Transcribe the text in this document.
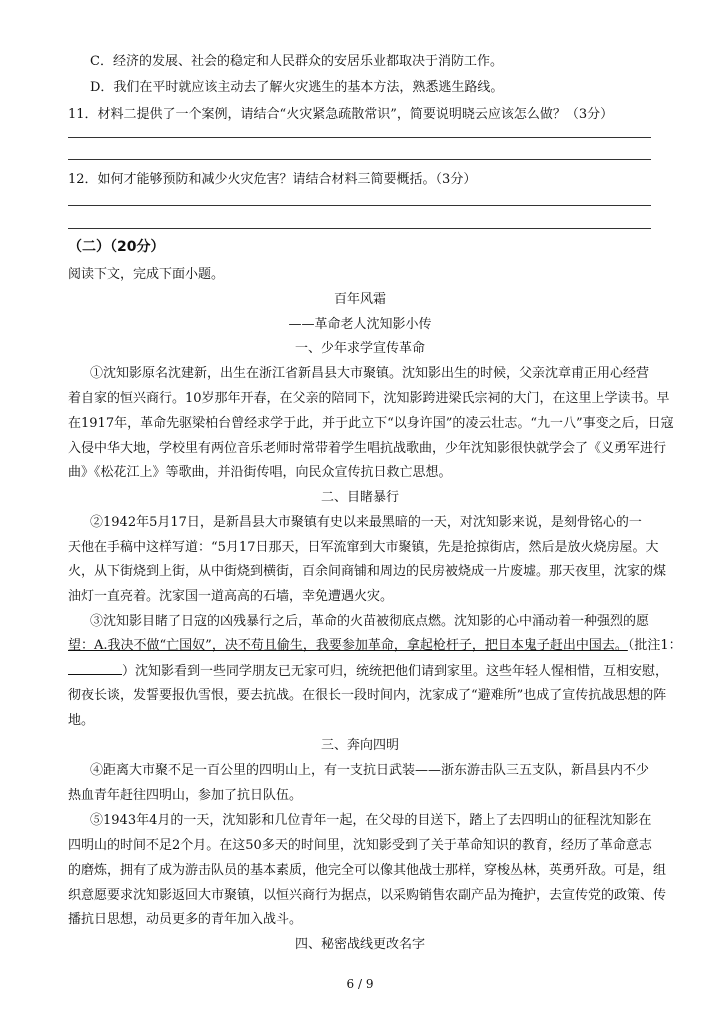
C．经济的发展、社会的稳定和人民群众的安居乐业都取决于消防工作。
D．我们在平时就应该主动去了解火灾逃生的基本方法，熟悉逃生路线。
11．材料二提供了一个案例，请结合“火灾紧急疏散常识”，简要说明晓云应该怎么做？（3分）
12．如何才能够预防和减少火灾危害？请结合材料三简要概括。（3分）
（二）（20分）
阅读下文，完成下面小题。
百年风霜
——革命老人沈知影小传
一、少年求学宣传革命
①沈知影原名沈建新，出生在浙江省新昌县大市聚镇。沈知影出生的时候，父亲沈章甫正用心经营
着自家的恒兴商行。10岁那年开春，在父亲的陪同下，沈知影跨进梁氏宗祠的大门，在这里上学读书。早
在1917年，革命先驱梁柏台曾经求学于此，并于此立下“以身许国”的凌云壮志。“九一八”事变之后，日寇
入侵中华大地，学校里有两位音乐老师时常带着学生唱抗战歌曲，少年沈知影很快就学会了《义勇军进行
曲》《松花江上》等歌曲，并沿街传唱，向民众宣传抗日救亡思想。
二、目睹暴行
②1942年5月17日，是新昌县大市聚镇有史以来最黑暗的一天，对沈知影来说，是刻骨铭心的一
天他在手稿中这样写道：“5月17日那天，日军流窜到大市聚镇，先是抢掠街店，然后是放火烧房屋。大
火，从下街烧到上街，从中街烧到横街，百余间商铺和周边的民房被烧成一片废墟。那天夜里，沈家的煤
油灯一直亮着。沈家国一道高高的石墙，幸免遭遇火灾。
③沈知影目睹了日寇的凶残暴行之后，革命的火苗被彻底点燃。沈知影的心中涌动着一种强烈的愿
望：A.我决不做“亡国奴”，决不苟且偷生，我要参加革命，拿起枪杆子，把日本鬼子赶出中国去。（批注1：
）沈知影看到一些同学朋友已无家可归，统统把他们请到家里。这些年轻人惺相惜，互相安慰，
彻夜长谈，发誓要报仇雪恨，要去抗战。在很长一段时间内，沈家成了“避难所”也成了宣传抗战思想的阵
地。
三、奔向四明
④距离大市聚不足一百公里的四明山上，有一支抗日武装——浙东游击队三五支队，新昌县内不少
热血青年赶往四明山，参加了抗日队伍。
⑤1943年4月的一天，沈知影和几位青年一起，在父母的目送下，踏上了去四明山的征程沈知影在
四明山的时间不足2个月。在这50多天的时间里，沈知影受到了关于革命知识的教育，经历了革命意志
的磨炼，拥有了成为游击队员的基本素质，他完全可以像其他战士那样，穿梭丛林，英勇歼敌。可是，组
织意愿要求沈知影返回大市聚镇，以恒兴商行为据点，以采购销售农副产品为掩护，去宣传党的政策、传
播抗日思想，动员更多的青年加入战斗。
四、秘密战线更改名字
6 / 9
